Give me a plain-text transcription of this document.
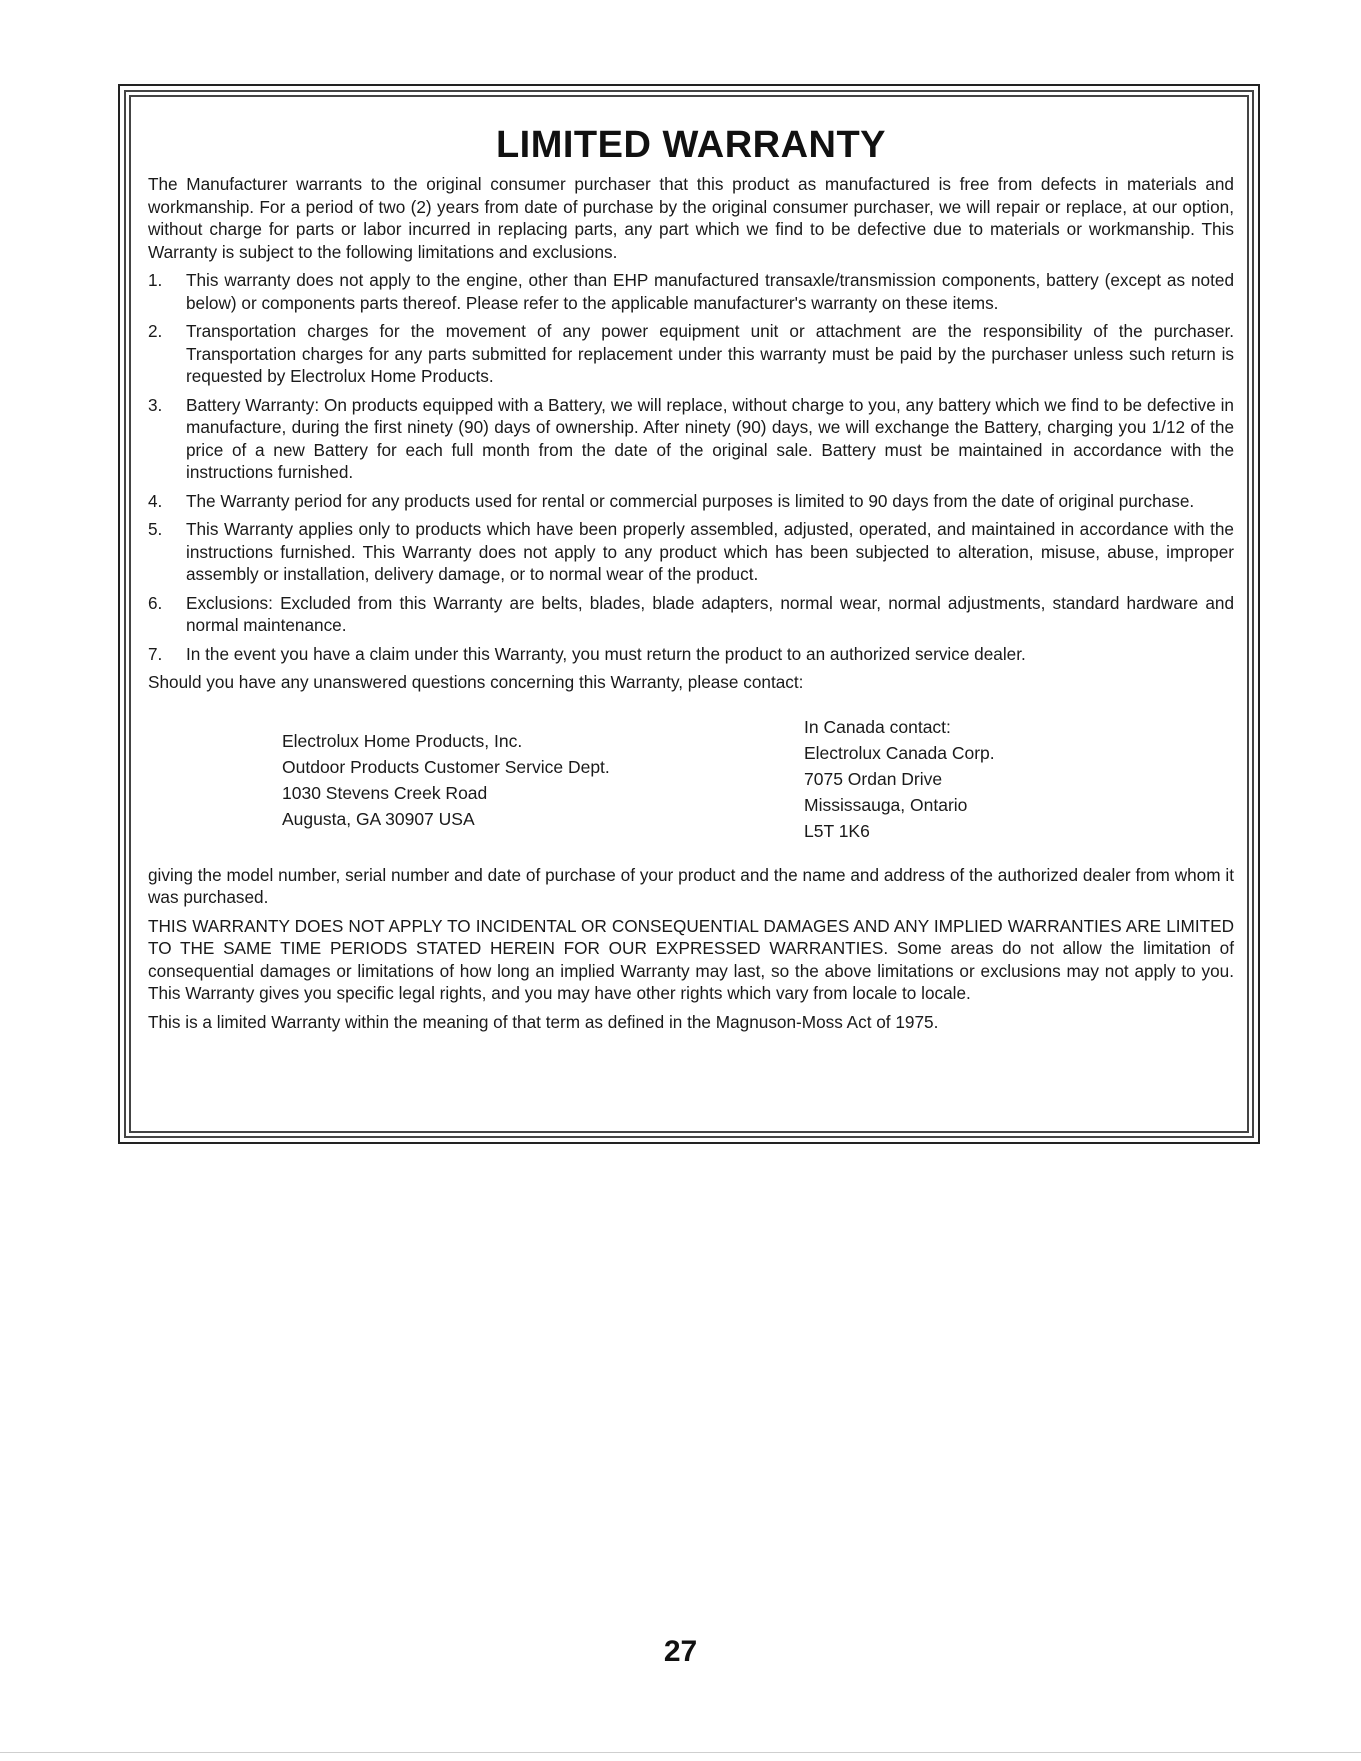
LIMITED WARRANTY

The Manufacturer warrants to the original consumer purchaser that this product as manufactured is free from defects in materials and workmanship. For a period of two (2) years from date of purchase by the original consumer purchaser, we will repair or replace, at our option, without charge for parts or labor incurred in replacing parts, any part which we find to be defective due to materials or workmanship. This Warranty is subject to the following limitations and exclusions.

1. This warranty does not apply to the engine, other than EHP manufactured transaxle/transmission components, battery (except as noted below) or components parts thereof. Please refer to the applicable manufacturer's warranty on these items.
2. Transportation charges for the movement of any power equipment unit or attachment are the responsibility of the purchaser. Transportation charges for any parts submitted for replacement under this warranty must be paid by the purchaser unless such return is requested by Electrolux Home Products.
3. Battery Warranty: On products equipped with a Battery, we will replace, without charge to you, any battery which we find to be defective in manufacture, during the first ninety (90) days of ownership. After ninety (90) days, we will exchange the Battery, charging you 1/12 of the price of a new Battery for each full month from the date of the original sale. Battery must be maintained in accordance with the instructions furnished.
4. The Warranty period for any products used for rental or commercial purposes is limited to 90 days from the date of original purchase.
5. This Warranty applies only to products which have been properly assembled, adjusted, operated, and maintained in accordance with the instructions furnished. This Warranty does not apply to any product which has been subjected to alteration, misuse, abuse, improper assembly or installation, delivery damage, or to normal wear of the product.
6. Exclusions: Excluded from this Warranty are belts, blades, blade adapters, normal wear, normal adjustments, standard hardware and normal maintenance.
7. In the event you have a claim under this Warranty, you must return the product to an authorized service dealer.

Should you have any unanswered questions concerning this Warranty, please contact:

Electrolux Home Products, Inc.
Outdoor Products Customer Service Dept.
1030 Stevens Creek Road
Augusta, GA 30907 USA
In Canada contact:
Electrolux Canada Corp.
7075 Ordan Drive
Mississauga, Ontario
L5T 1K6

giving the model number, serial number and date of purchase of your product and the name and address of the authorized dealer from whom it was purchased.

THIS WARRANTY DOES NOT APPLY TO INCIDENTAL OR CONSEQUENTIAL DAMAGES AND ANY IMPLIED WARRANTIES ARE LIMITED TO THE SAME TIME PERIODS STATED HEREIN FOR OUR EXPRESSED WARRANTIES. Some areas do not allow the limitation of consequential damages or limitations of how long an implied Warranty may last, so the above limitations or exclusions may not apply to you. This Warranty gives you specific legal rights, and you may have other rights which vary from locale to locale.

This is a limited Warranty within the meaning of that term as defined in the Magnuson-Moss Act of 1975.

27
